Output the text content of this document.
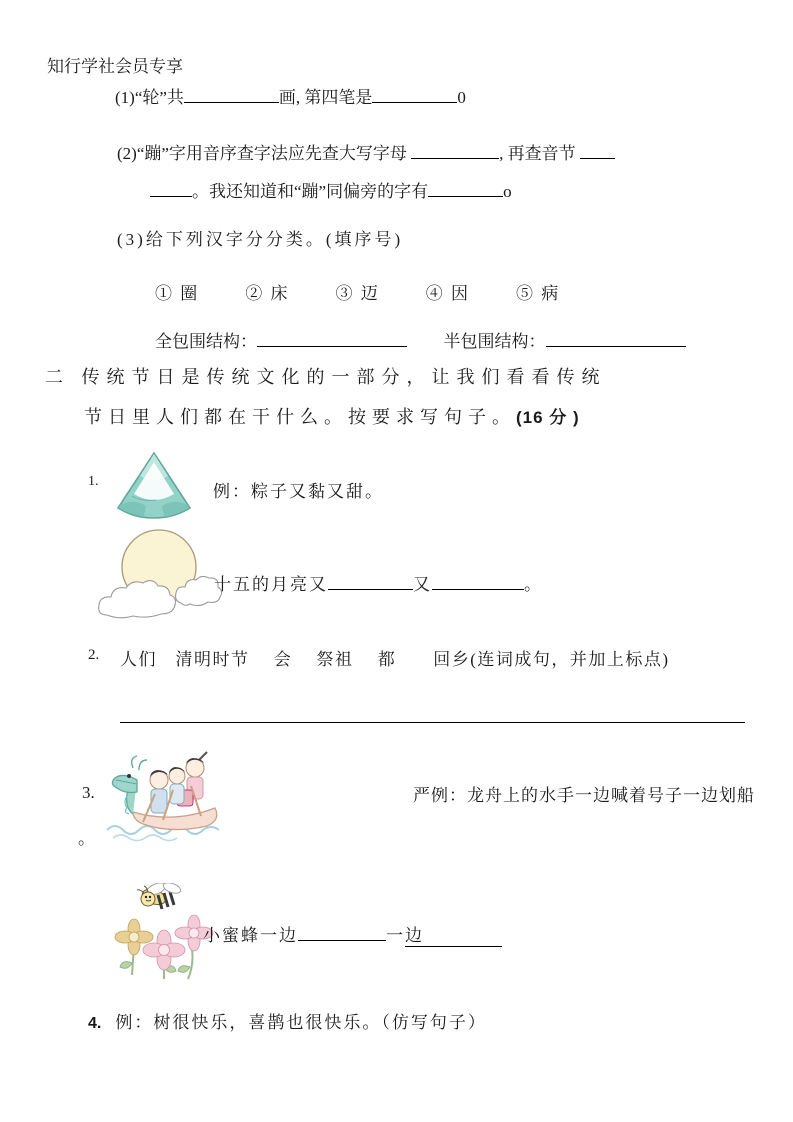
知行学社会员专享
(1)“轮”共	画, 第四笔是	0
(2)“蹦”字用音序查字法应先查大写字母	, 再查音节
。我还知道和“蹦”同偏旁的字有	o
(3)给下列汉字分分类。(填序号)
① 圈	② 床	③ 迈	④ 因	⑤ 病
全包围结构：	半包围结构：
二 传统节日是传统文化的一部分，让我们看看传统
节日里人们都在干什么。按要求写句子。(16 分 )
1.
例：粽子又黏又甜。
十五的月亮又	又	。
2. 人们　清明时节　 会　 祭祖　 都　　回乡(连词成句，并加上标点)
3.	严例：龙舟上的水手一边喊着号子一边划船
。
小蜜蜂一边	一边
4. 例：树很快乐，喜鹊也很快乐。（仿写句子）
